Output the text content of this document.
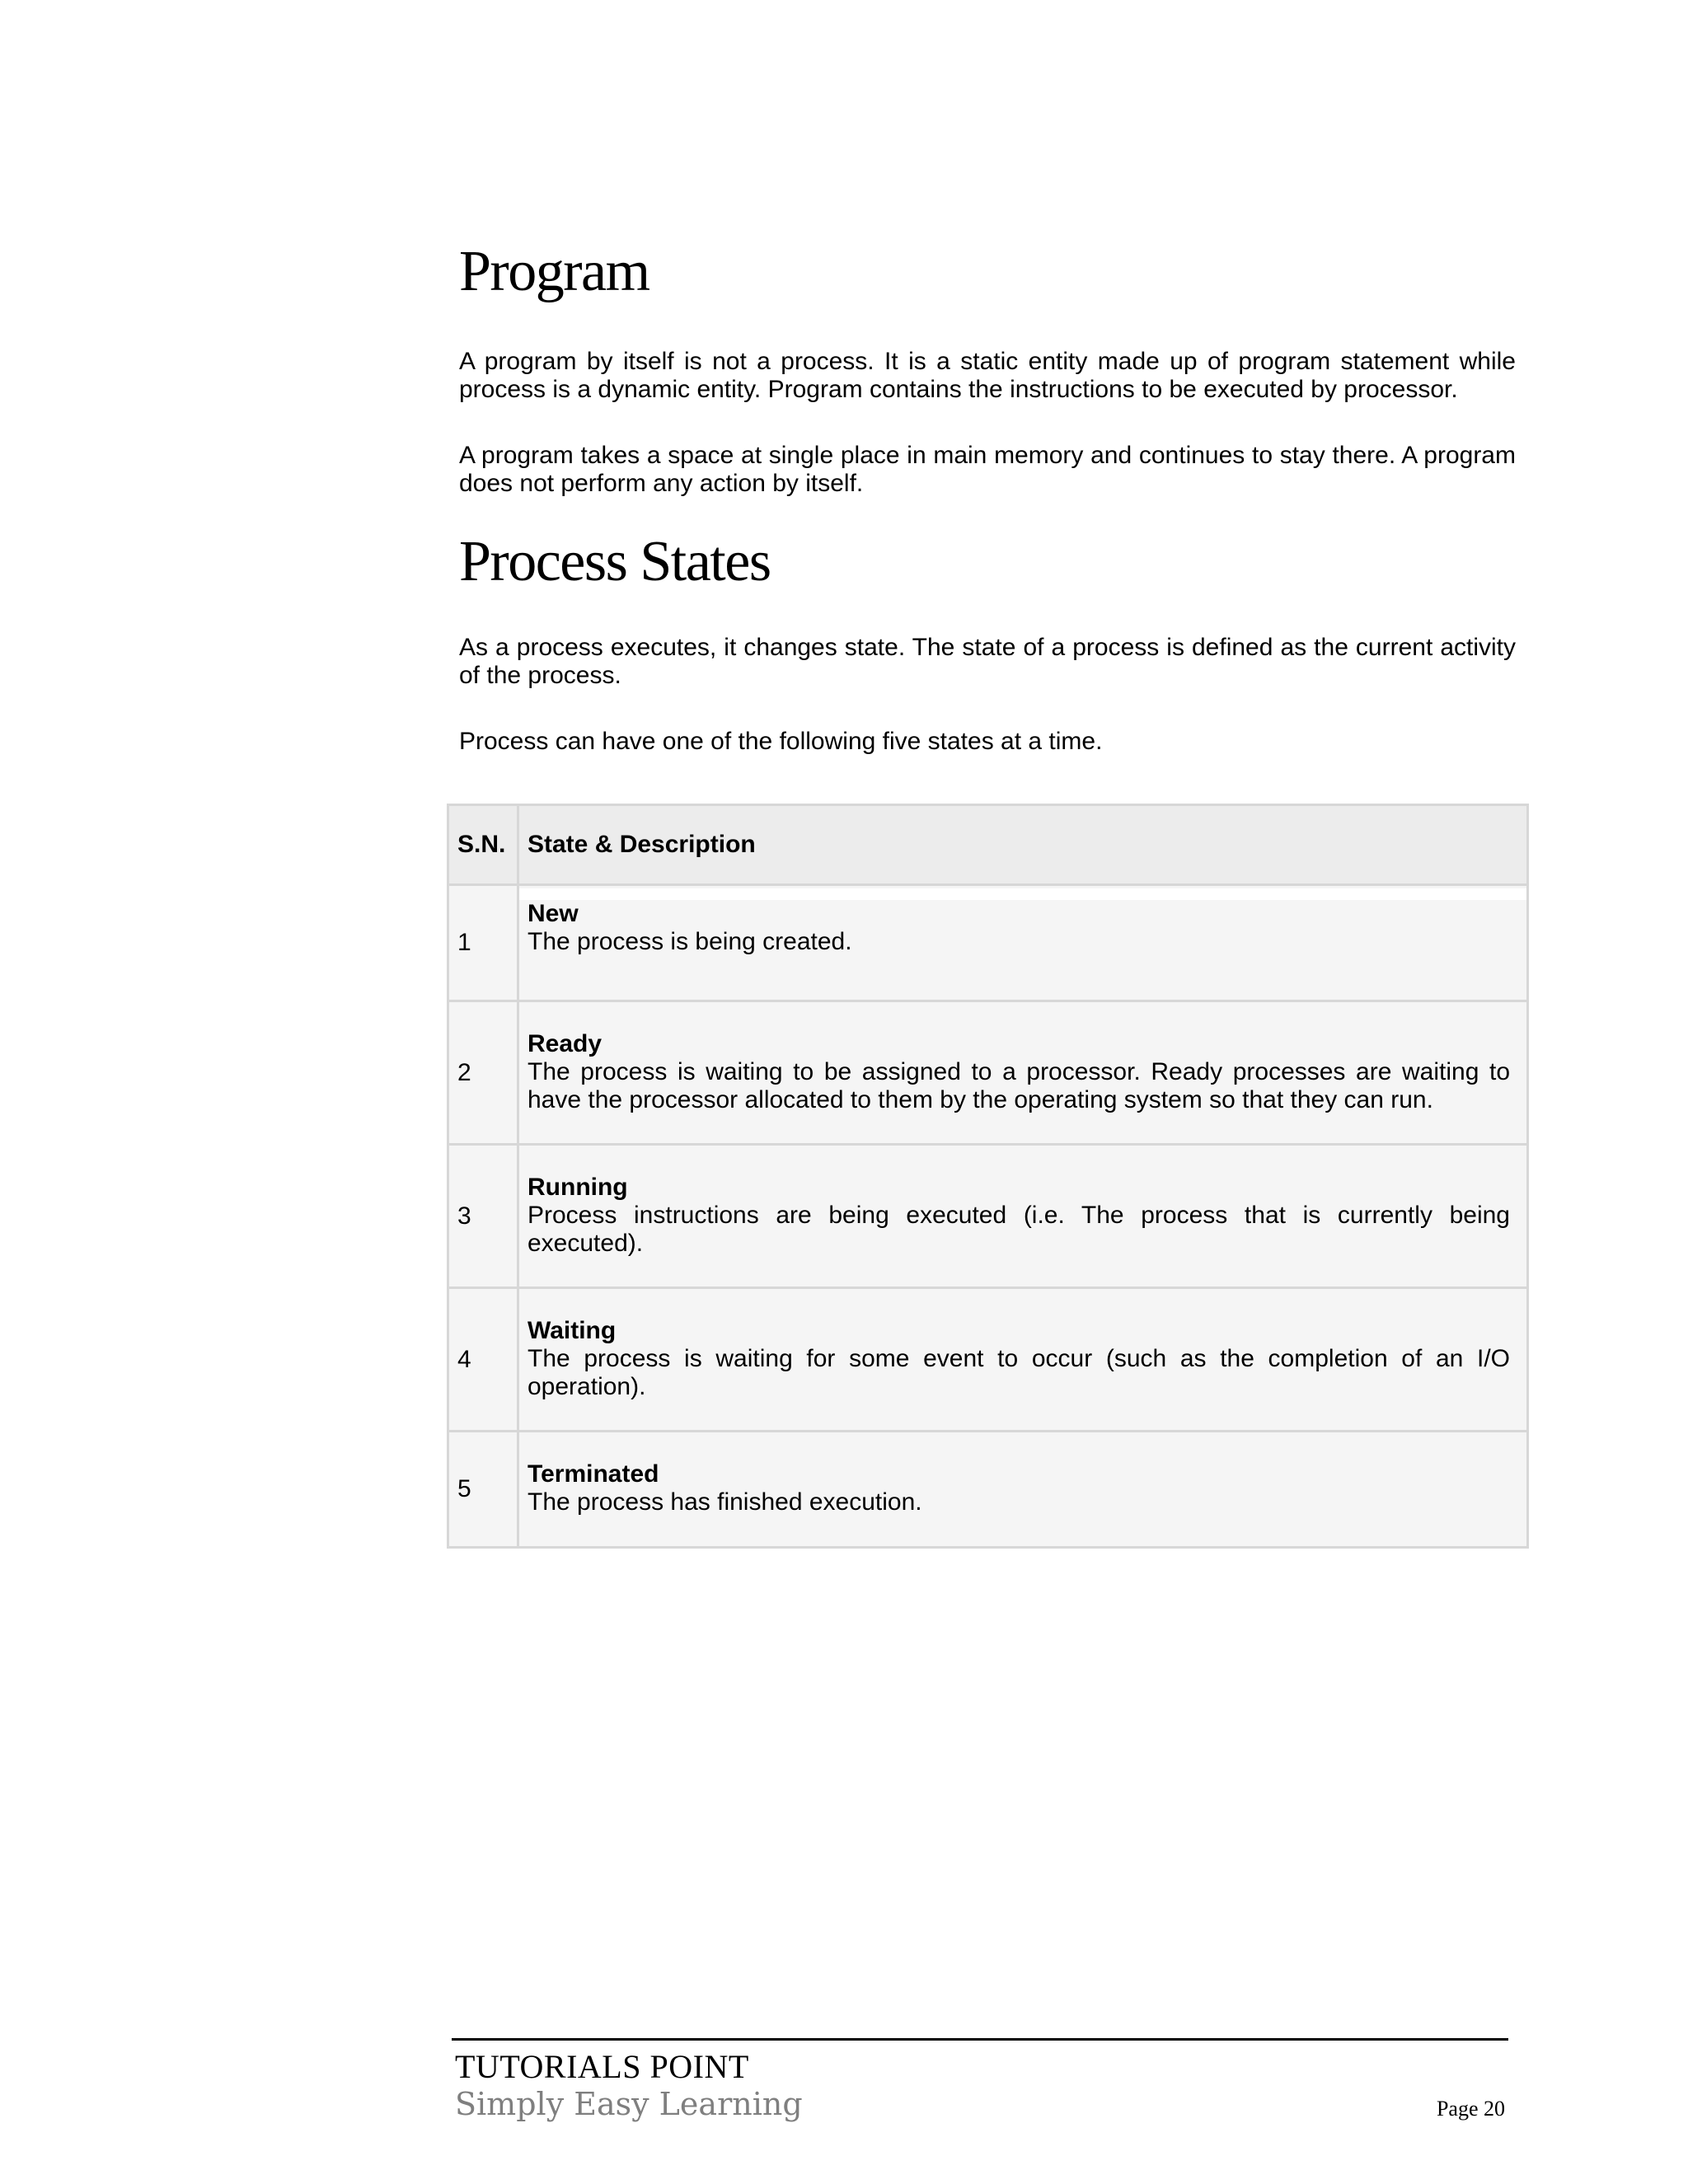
Program

A program by itself is not a process. It is a static entity made up of program statement while process is a dynamic entity. Program contains the instructions to be executed by processor.

A program takes a space at single place in main memory and continues to stay there. A program does not perform any action by itself.

Process States

As a process executes, it changes state. The state of a process is defined as the current activity of the process.

Process can have one of the following five states at a time.

S.N.	State & Description
1	New
The process is being created.

2	Ready
The process is waiting to be assigned to a processor. Ready processes are waiting to have the processor allocated to them by the operating system so that they can run.

3	Running
Process instructions are being executed (i.e. The process that is currently being executed).

4	Waiting
The process is waiting for some event to occur (such as the completion of an I/O operation).

5	Terminated
The process has finished execution.
TUTORIALS POINT
Simply Easy Learning	Page 20
